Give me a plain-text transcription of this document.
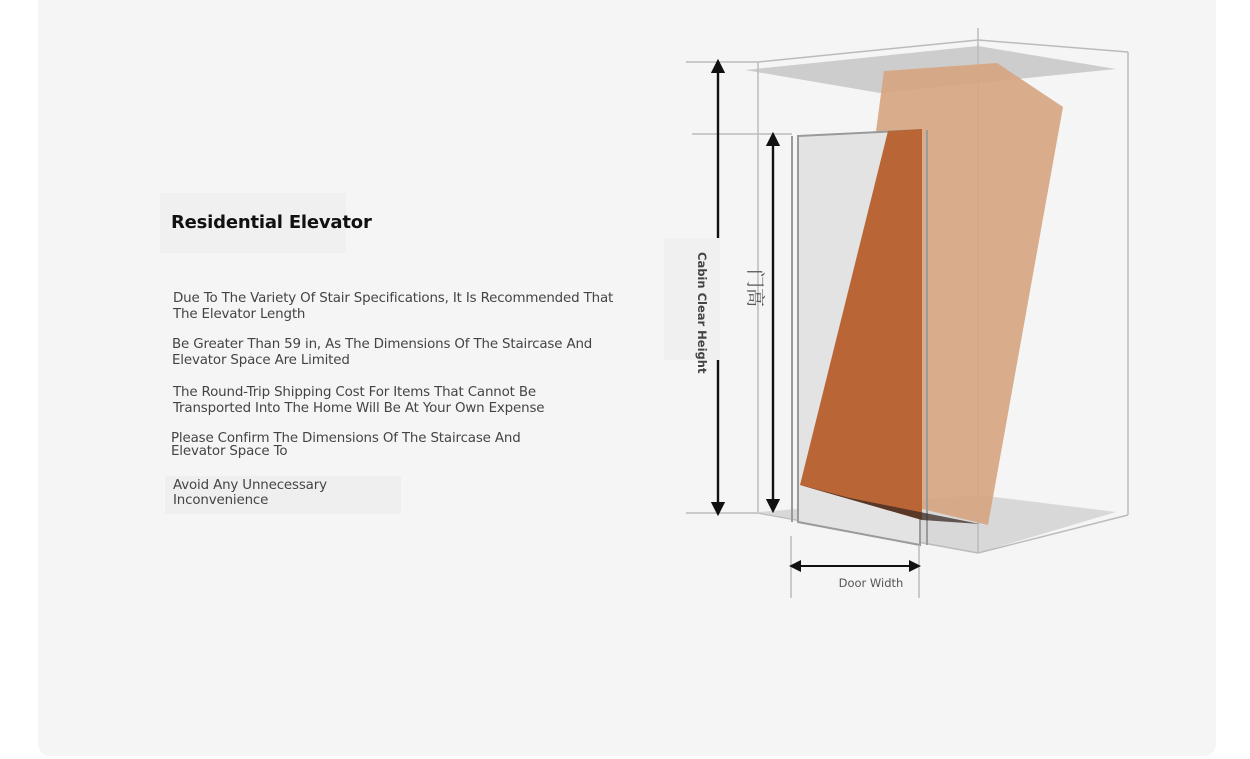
Residential Elevator
Due To The Variety Of Stair Specifications, It Is Recommended That The Elevator Length
Be Greater Than 59 in, As The Dimensions Of The Staircase And Elevator Space Are Limited
The Round-Trip Shipping Cost For Items That Cannot Be Transported Into The Home Will Be At Your Own Expense
Please Confirm The Dimensions Of The Staircase And Elevator Space To
Avoid Any Unnecessary Inconvenience
Cabin Clear Height 门高
Door Width
